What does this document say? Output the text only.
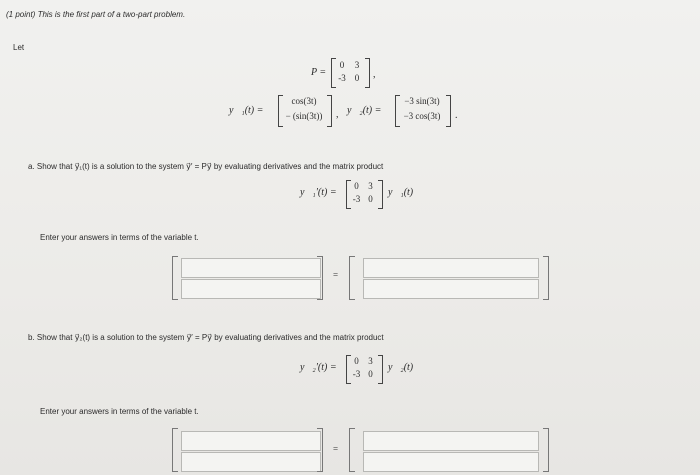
(1 point) This is the first part of a two-part problem.
Let
P =
0	3
-3	0	,
y⃗₁(t) =
cos(3t)
− (sin(3t))	, y⃗₂(t) =
−3 sin(3t)
−3 cos(3t)	.
a. Show that y⃗₁(t) is a solution to the system y⃗′ = Py⃗ by evaluating derivatives and the matrix product
y⃗₁′(t) =
0	3
-3 0
y⃗₁(t)
Enter your answers in terms of the variable t.
=
b. Show that y⃗₂(t) is a solution to the system y⃗′ = Py⃗ by evaluating derivatives and the matrix product
y⃗₂′(t) =
0	3
-3 0
y⃗₂(t)
Enter your answers in terms of the variable t.
=
